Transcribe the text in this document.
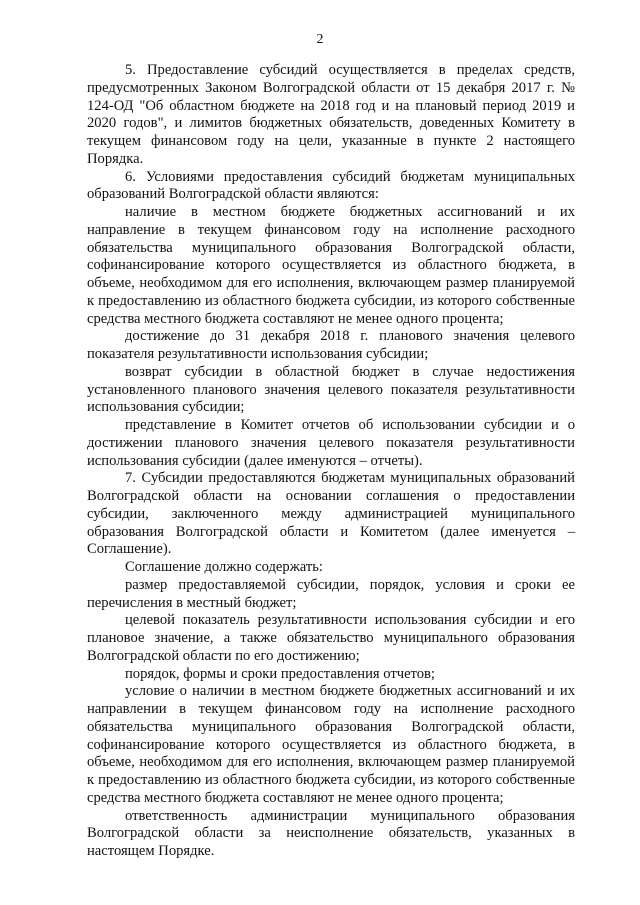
2

5. Предоставление субсидий осуществляется в пределах средств, предусмотренных Законом Волгоградской области от 15 декабря 2017 г. № 124-ОД "Об областном бюджете на 2018 год и на плановый период 2019 и 2020 годов", и лимитов бюджетных обязательств, доведенных Комитету в текущем финансовом году на цели, указанные в пункте 2 настоящего Порядка.

6. Условиями предоставления субсидий бюджетам муниципальных образований Волгоградской области являются:

наличие в местном бюджете бюджетных ассигнований и их направление в текущем финансовом году на исполнение расходного обязательства муниципального образования Волгоградской области, софинансирование которого осуществляется из областного бюджета, в объеме, необходимом для его исполнения, включающем размер планируемой к предоставлению из областного бюджета субсидии, из которого собственные средства местного бюджета составляют не менее одного процента;

достижение до 31 декабря 2018 г. планового значения целевого показателя результативности использования субсидии;

возврат субсидии в областной бюджет в случае недостижения установленного планового значения целевого показателя результативности использования субсидии;

представление в Комитет отчетов об использовании субсидии и о достижении планового значения целевого показателя результативности использования субсидии (далее именуются – отчеты).

7. Субсидии предоставляются бюджетам муниципальных образований Волгоградской области на основании соглашения о предоставлении субсидии, заключенного между администрацией муниципального образования Волгоградской области и Комитетом (далее именуется – Соглашение).

Соглашение должно содержать:

размер предоставляемой субсидии, порядок, условия и сроки ее перечисления в местный бюджет;

целевой показатель результативности использования субсидии и его плановое значение, а также обязательство муниципального образования Волгоградской области по его достижению;

порядок, формы и сроки предоставления отчетов;

условие о наличии в местном бюджете бюджетных ассигнований и их направлении в текущем финансовом году на исполнение расходного обязательства муниципального образования Волгоградской области, софинансирование которого осуществляется из областного бюджета, в объеме, необходимом для его исполнения, включающем размер планируемой к предоставлению из областного бюджета субсидии, из которого собственные средства местного бюджета составляют не менее одного процента;

ответственность администрации муниципального образования Волгоградской области за неисполнение обязательств, указанных в настоящем Порядке.
